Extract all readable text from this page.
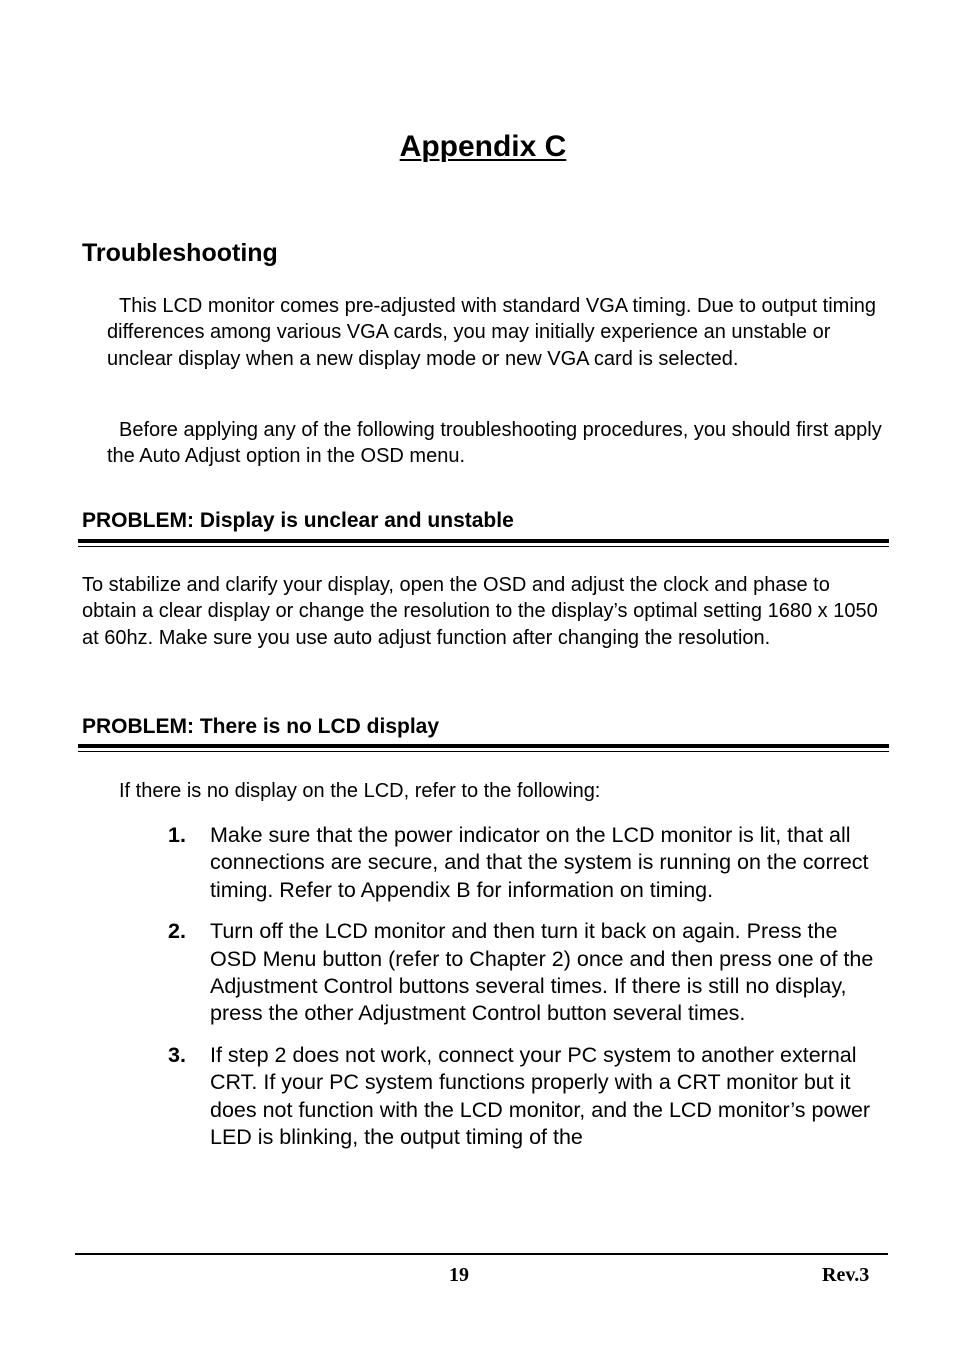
Appendix C
Troubleshooting

This LCD monitor comes pre-adjusted with standard VGA timing. Due to output timing differences among various VGA cards, you may initially experience an unstable or unclear display when a new display mode or new VGA card is selected.

Before applying any of the following troubleshooting procedures, you should first apply the Auto Adjust option in the OSD menu.

PROBLEM: Display is unclear and unstable

To stabilize and clarify your display, open the OSD and adjust the clock and phase to obtain a clear display or change the resolution to the display’s optimal setting 1680 x 1050 at 60hz. Make sure you use auto adjust function after changing the resolution.

PROBLEM: There is no LCD display

If there is no display on the LCD, refer to the following:

1.	Make sure that the power indicator on the LCD monitor is lit, that all connections are secure, and that the system is running on the correct timing. Refer to Appendix B for information on timing.
2.	Turn off the LCD monitor and then turn it back on again. Press the OSD Menu button (refer to Chapter 2) once and then press one of the Adjustment Control buttons several times. If there is still no display, press the other Adjustment Control button several times.
3.	If step 2 does not work, connect your PC system to another external CRT. If your PC system functions properly with a CRT monitor but it does not function with the LCD monitor, and the LCD monitor’s power LED is blinking, the output timing of the
19	Rev.3
